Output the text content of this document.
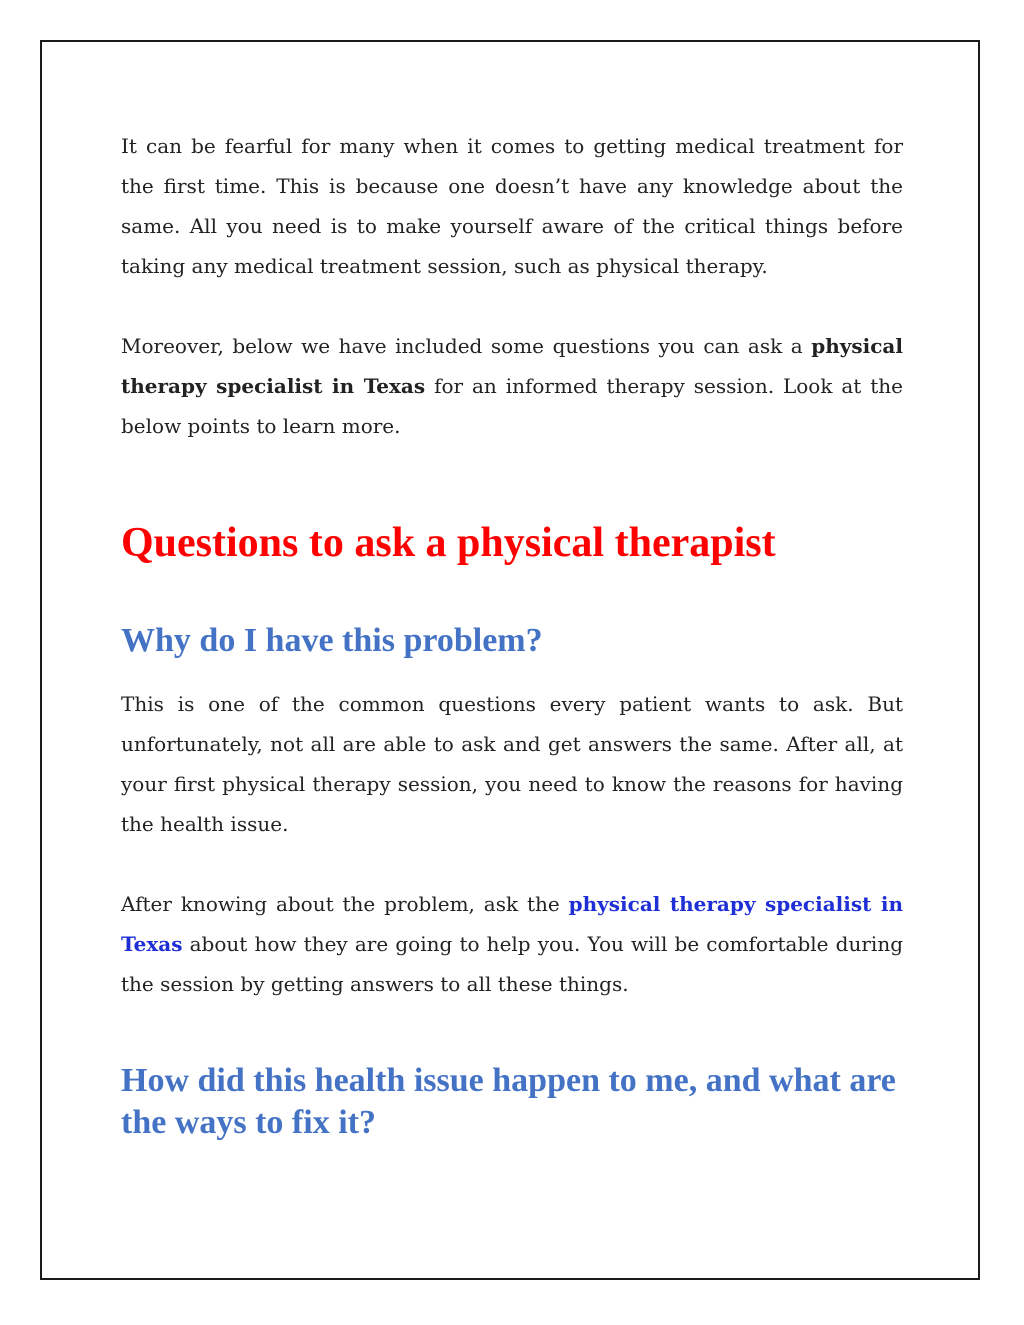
It can be fearful for many when it comes to getting medical treatment for the first time. This is because one doesn’t have any knowledge about the same. All you need is to make yourself aware of the critical things before taking any medical treatment session, such as physical therapy.

Moreover, below we have included some questions you can ask a physical therapy specialist in Texas for an informed therapy session. Look at the below points to learn more.

Questions to ask a physical therapist
Why do I have this problem?

This is one of the common questions every patient wants to ask. But unfortunately, not all are able to ask and get answers the same. After all, at your first physical therapy session, you need to know the reasons for having the health issue.

After knowing about the problem, ask the physical therapy specialist in Texas about how they are going to help you. You will be comfortable during the session by getting answers to all these things.

How did this health issue happen to me, and what are the ways to fix it?
